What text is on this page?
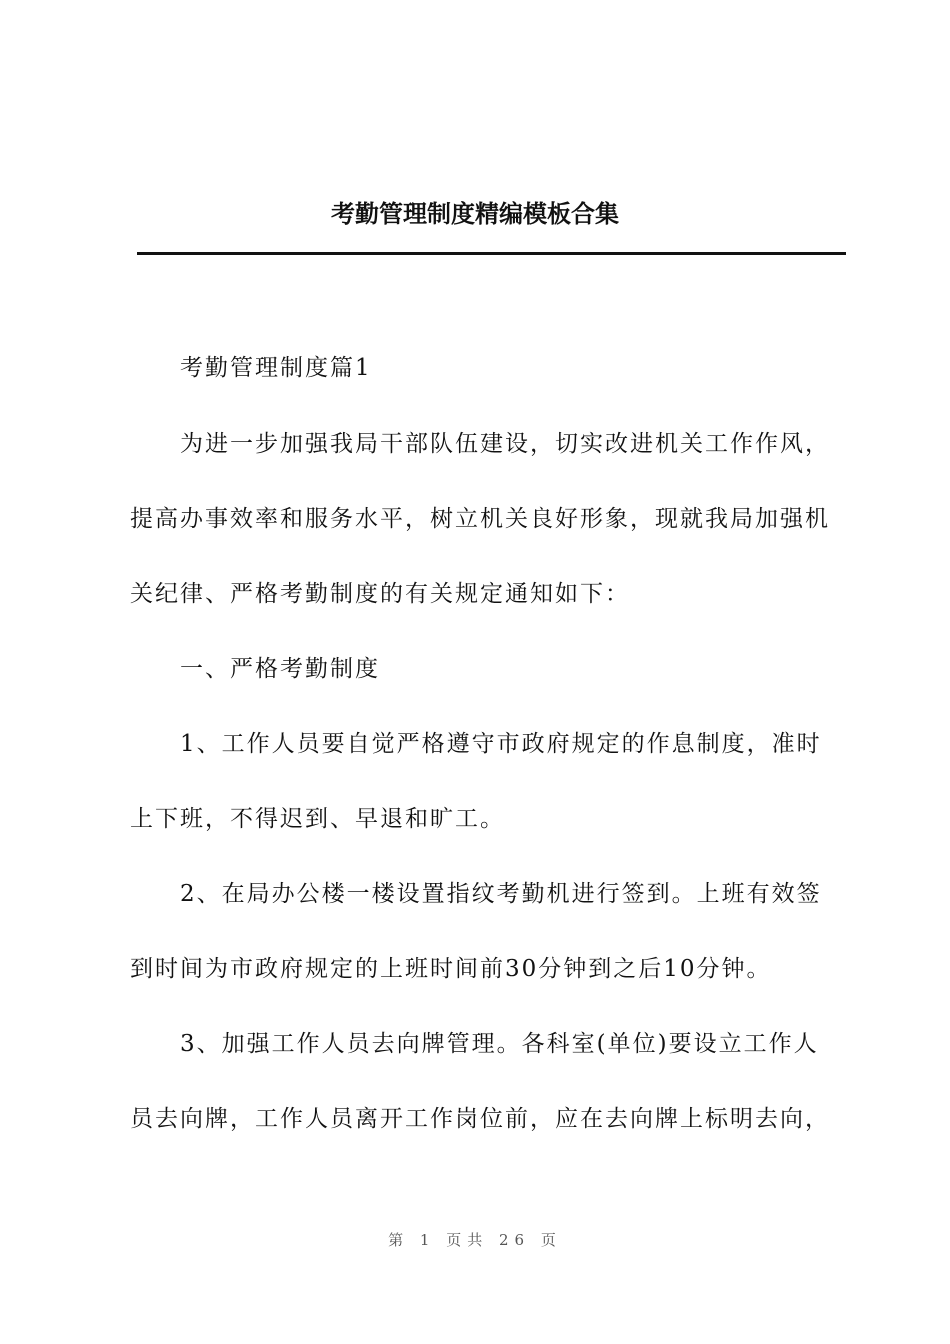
考勤管理制度精编模板合集
考勤管理制度篇1
为进一步加强我局干部队伍建设，切实改进机关工作作风，
提高办事效率和服务水平，树立机关良好形象，现就我局加强机
关纪律、严格考勤制度的有关规定通知如下：
一、严格考勤制度
1、工作人员要自觉严格遵守市政府规定的作息制度，准时
上下班，不得迟到、早退和旷工。
2、在局办公楼一楼设置指纹考勤机进行签到。上班有效签
到时间为市政府规定的上班时间前30分钟到之后10分钟。
3、加强工作人员去向牌管理。各科室(单位)要设立工作人
员去向牌，工作人员离开工作岗位前，应在去向牌上标明去向，
第 1 页共 26 页
